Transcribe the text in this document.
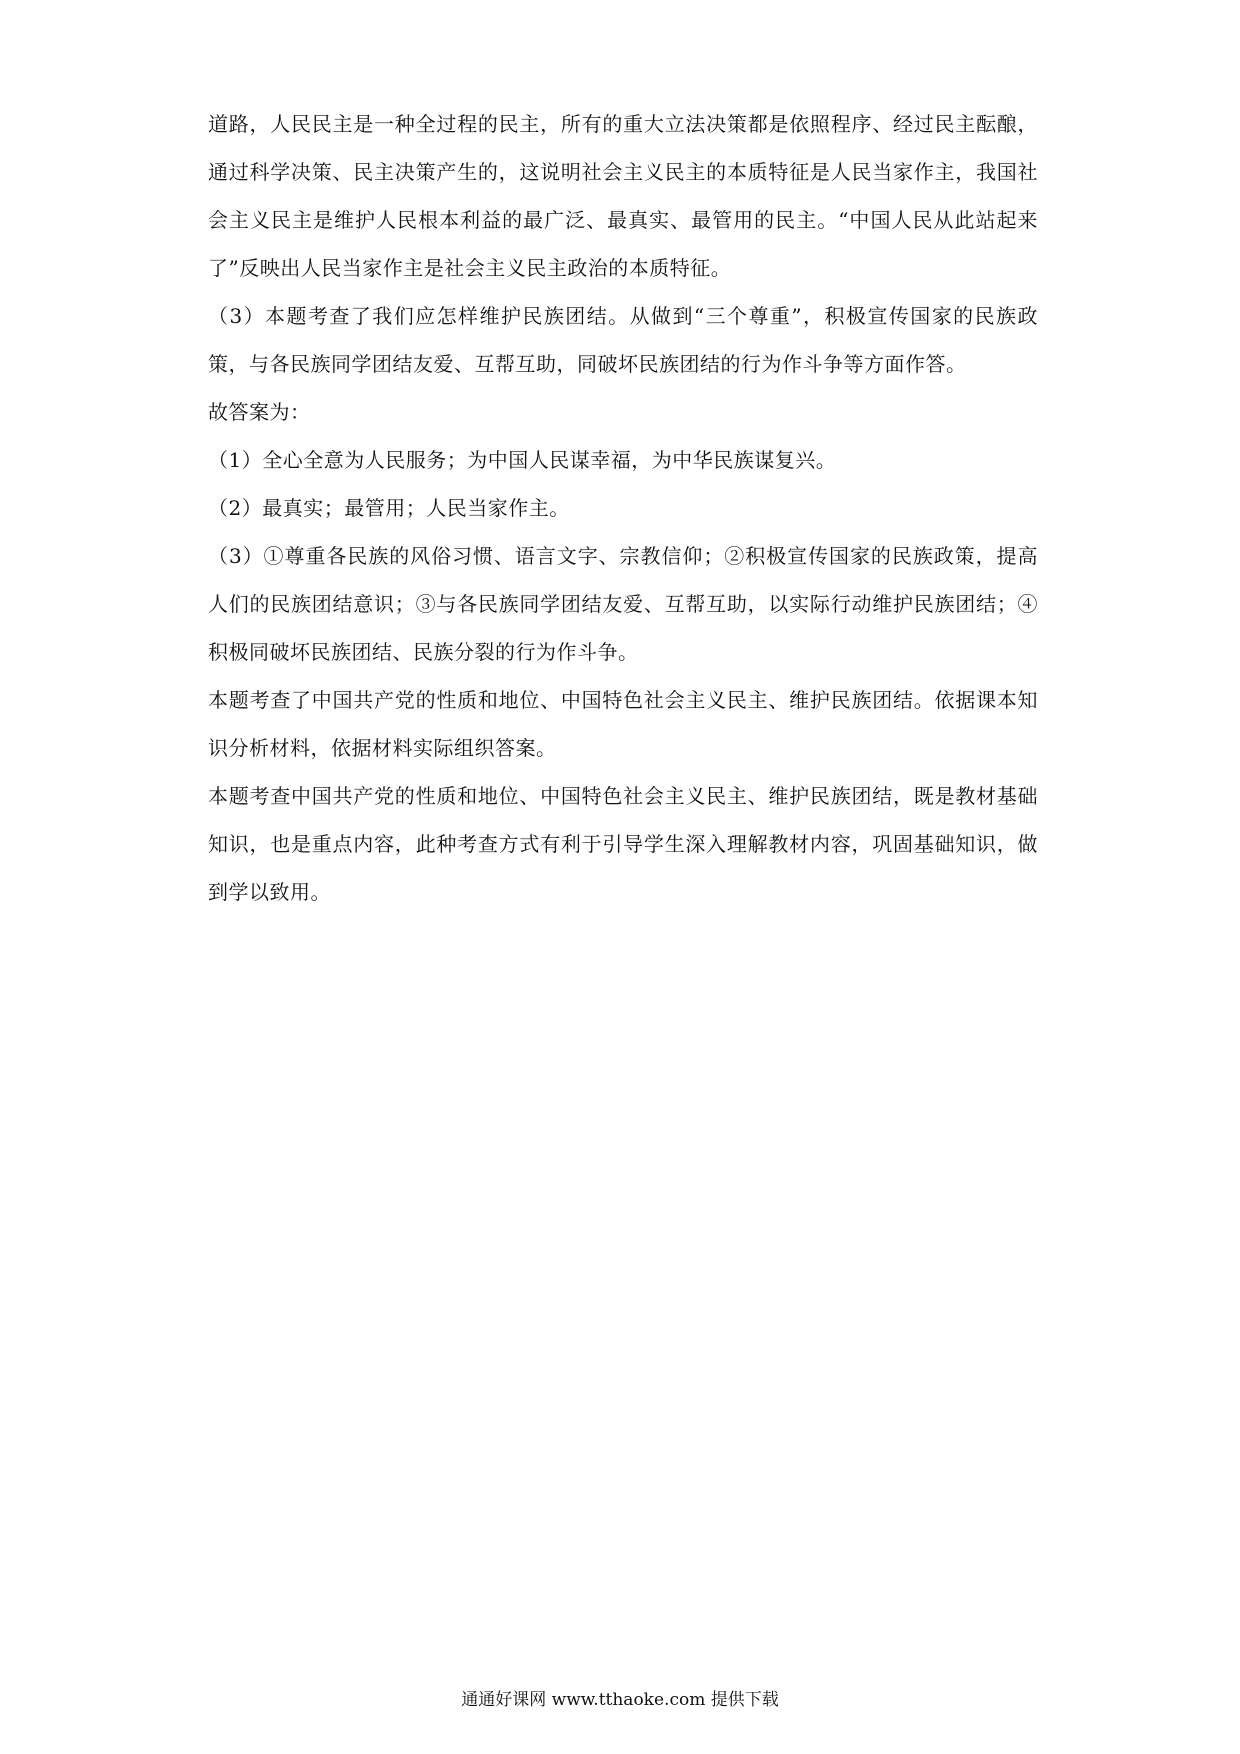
道路，人民民主是一种全过程的民主，所有的重大立法决策都是依照程序、经过民主酝酿，通过科学决策、民主决策产生的，这说明社会主义民主的本质特征是人民当家作主，我国社会主义民主是维护人民根本利益的最广泛、最真实、最管用的民主。“中国人民从此站起来了”反映出人民当家作主是社会主义民主政治的本质特征。

（3）本题考查了我们应怎样维护民族团结。从做到“三个尊重”，积极宣传国家的民族政策，与各民族同学团结友爱、互帮互助，同破坏民族团结的行为作斗争等方面作答。

故答案为：

（1）全心全意为人民服务；为中国人民谋幸福，为中华民族谋复兴。

（2）最真实；最管用；人民当家作主。

（3）①尊重各民族的风俗习惯、语言文字、宗教信仰；②积极宣传国家的民族政策，提高人们的民族团结意识；③与各民族同学团结友爱、互帮互助，以实际行动维护民族团结；④积极同破坏民族团结、民族分裂的行为作斗争。

本题考查了中国共产党的性质和地位、中国特色社会主义民主、维护民族团结。依据课本知识分析材料，依据材料实际组织答案。

本题考查中国共产党的性质和地位、中国特色社会主义民主、维护民族团结，既是教材基础知识，也是重点内容，此种考查方式有利于引导学生深入理解教材内容，巩固基础知识，做到学以致用。

通通好课网 www.tthaoke.com 提供下载
